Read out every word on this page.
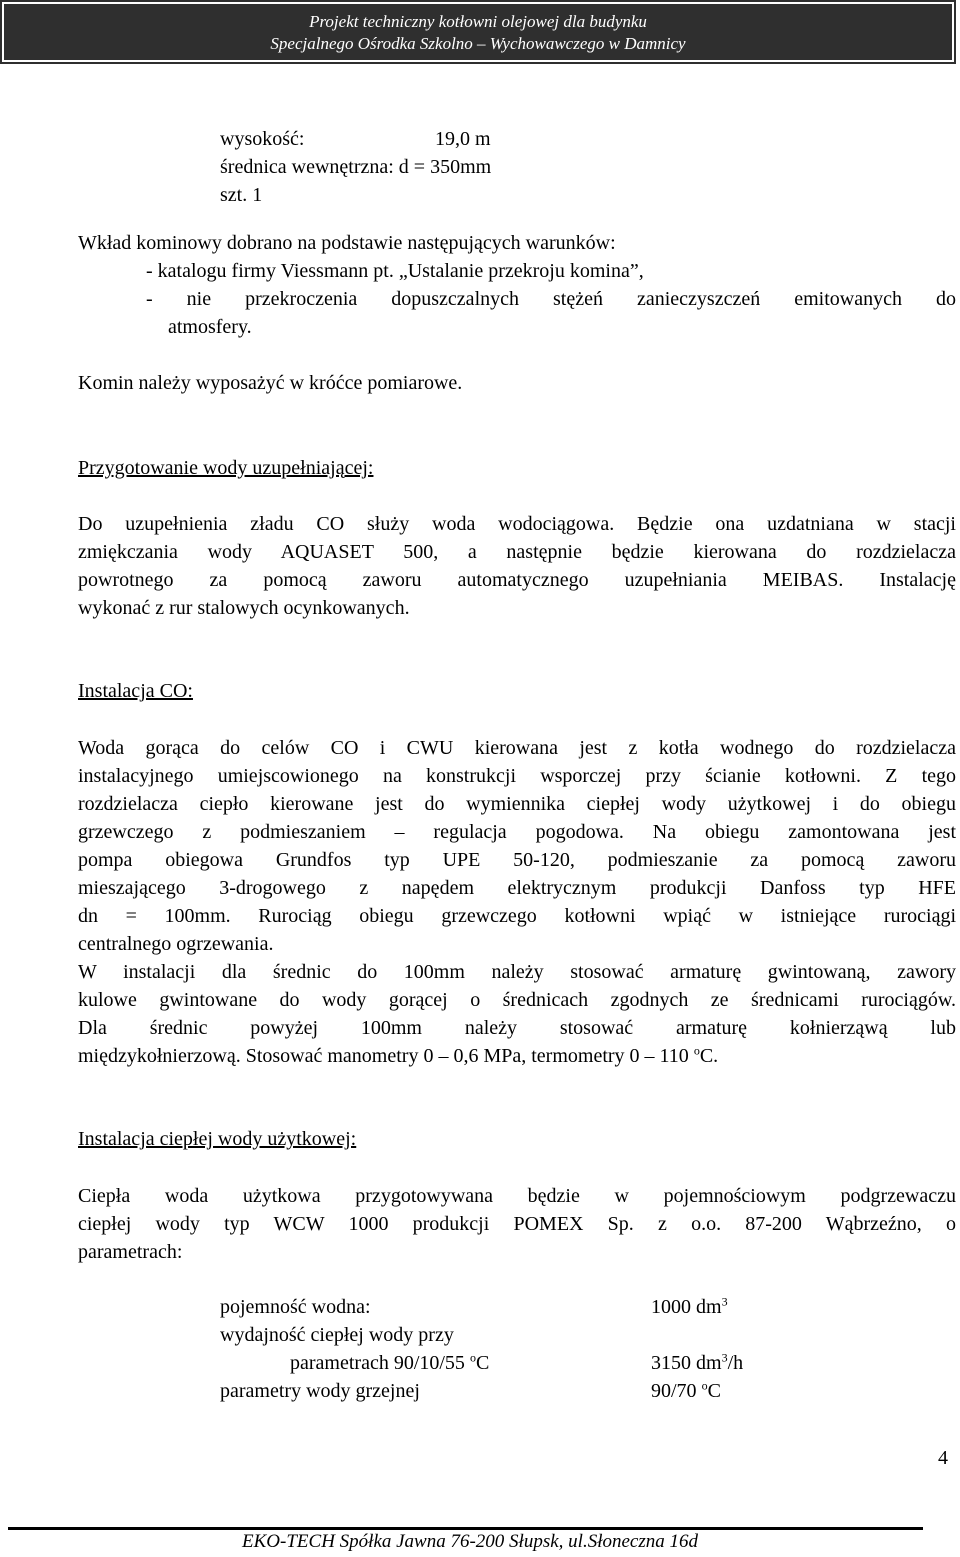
Projekt techniczny kotłowni olejowej dla budynku
Specjalnego Ośrodka Szkolno – Wychowawczego w Damnicy
wysokość:	19,0 m
średnica wewnętrzna: d = 350mm
szt. 1
Wkład kominowy dobrano na podstawie następujących warunków:
- katalogu firmy Viessmann pt. „Ustalanie przekroju komina”,
- nie przekroczenia dopuszczalnych stężeń zanieczyszczeń emitowanych do
atmosfery.
Komin należy wyposażyć w króćce pomiarowe.
Przygotowanie wody uzupełniającej:
Do uzupełnienia zładu CO służy woda wodociągowa. Będzie ona uzdatniana w stacji
zmiękczania wody AQUASET 500, a następnie będzie kierowana do rozdzielacza
powrotnego za pomocą zaworu automatycznego uzupełniania MEIBAS. Instalację
wykonać z rur stalowych ocynkowanych.
Instalacja CO:
Woda gorąca do celów CO i CWU kierowana jest z kotła wodnego do rozdzielacza
instalacyjnego umiejscowionego na konstrukcji wsporczej przy ścianie kotłowni. Z tego
rozdzielacza ciepło kierowane jest do wymiennika ciepłej wody użytkowej i do obiegu
grzewczego z podmieszaniem – regulacja pogodowa. Na obiegu zamontowana jest
pompa obiegowa Grundfos typ UPE 50-120, podmieszanie za pomocą zaworu
mieszającego 3-drogowego z napędem elektrycznym produkcji Danfoss typ HFE
dn = 100mm. Rurociąg obiegu grzewczego kotłowni wpiąć w istniejące rurociągi
centralnego ogrzewania.
W instalacji dla średnic do 100mm należy stosować armaturę gwintowaną, zawory
kulowe gwintowane do wody gorącej o średnicach zgodnych ze średnicami rurociągów.
Dla średnic powyżej 100mm należy stosować armaturę kołnierząwą lub
międzykołnierzową. Stosować manometry 0 – 0,6 MPa, termometry 0 – 110 $^o$C.
Instalacja ciepłej wody użytkowej:
Ciepła woda użytkowa przygotowywana będzie w pojemnościowym podgrzewaczu
ciepłej wody typ WCW 1000 produkcji POMEX Sp. z o.o. 87-200 Wąbrzeźno, o
parametrach:
pojemność wodna:	1000 $dm^3$
wydajność ciepłej wody przy
parametrach 90/10/55 $^o$C	3150 $dm^3/h$
parametry wody grzejnej	90/70 $^o$C
4
EKO-TECH Spółka Jawna 76-200 Słupsk, ul.Słoneczna 16d
